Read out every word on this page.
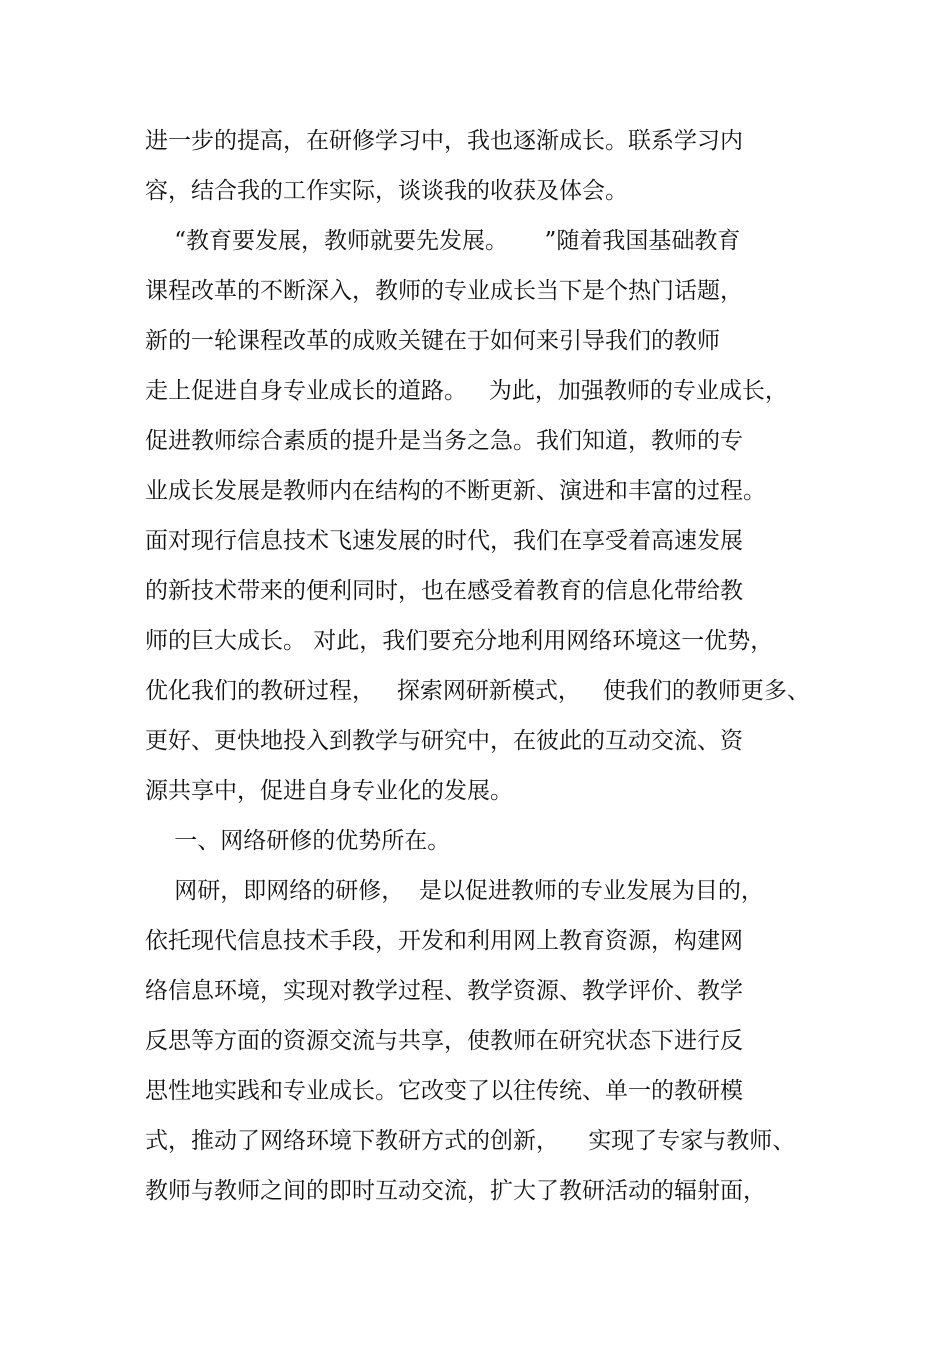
进一步的提高，在研修学习中，我也逐渐成长。联系学习内
容，结合我的工作实际，谈谈我的收获及体会。
“教育要发展，教师就要先发展。     ”随着我国基础教育
课程改革的不断深入，教师的专业成长当下是个热门话题，
新的一轮课程改革的成败关键在于如何来引导我们的教师
走上促进自身专业成长的道路。   为此，加强教师的专业成长，
促进教师综合素质的提升是当务之急。我们知道，教师的专
业成长发展是教师内在结构的不断更新、演进和丰富的过程。
面对现行信息技术飞速发展的时代，我们在享受着高速发展
的新技术带来的便利同时，也在感受着教育的信息化带给教
师的巨大成长。 对此，我们要充分地利用网络环境这一优势，
优化我们的教研过程，   探索网研新模式，   使我们的教师更多、
更好、更快地投入到教学与研究中，在彼此的互动交流、资
源共享中，促进自身专业化的发展。
一、网络研修的优势所在。
网研，即网络的研修，  是以促进教师的专业发展为目的，
依托现代信息技术手段，开发和利用网上教育资源，构建网
络信息环境，实现对教学过程、教学资源、教学评价、教学
反思等方面的资源交流与共享，使教师在研究状态下进行反
思性地实践和专业成长。它改变了以往传统、单一的教研模
式，推动了网络环境下教研方式的创新，    实现了专家与教师、
教师与教师之间的即时互动交流，扩大了教研活动的辐射面，
